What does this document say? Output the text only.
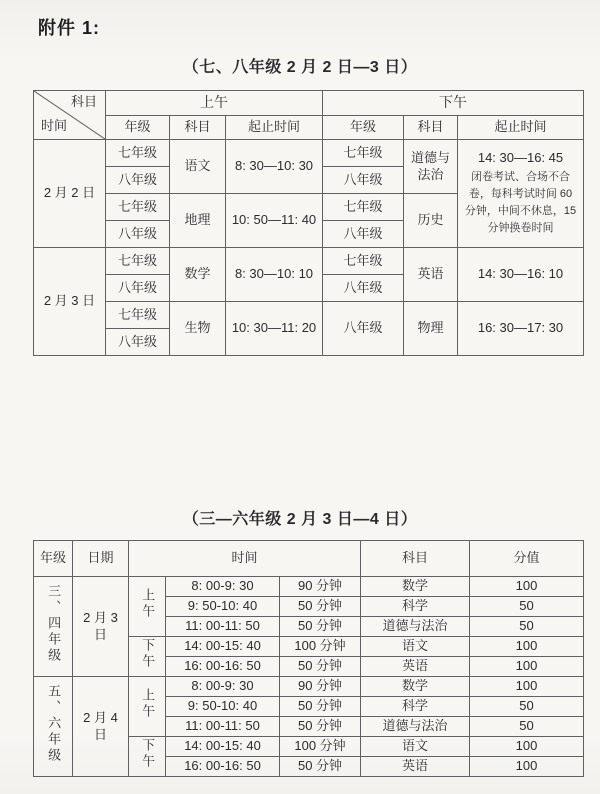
附件 1:
（七、八年级 2 月 2 日—3 日）
科目
时间	上午			下午		
	年级	科目	起止时间	年级	科目	起止时间
2 月 2 日	七年级	语文	8: 30—10: 30	七年级	道德与法治	14: 30—16: 45
闭卷考试、合场不合卷，每科考试时间 60 分钟，中间不休息，15 分钟换卷时间

	八年级			八年级		
	七年级	地理	10: 50—11: 40	七年级	历史	
	八年级			八年级		
2 月 3 日	七年级	数学	8: 30—10: 10	七年级	英语	14: 30—16: 10
	八年级			八年级		
	七年级	生物	10: 30—11: 20	八年级	物理	16: 30—17: 30
	八年级					
（三—六年级 2 月 3 日—4 日）
年级	日期	时间			科目	分值
三、四年级	2 月 3 日	上午	8: 00-9: 30	90 分钟	数学	100
			9: 50-10: 40	50 分钟	科学	50
			11: 00-11: 50	50 分钟	道德与法治	50
		下午	14: 00-15: 40	100 分钟	语文	100
			16: 00-16: 50	50 分钟	英语	100
五、六年级	2 月 4 日	上午	8: 00-9: 30	90 分钟	数学	100
			9: 50-10: 40	50 分钟	科学	50
			11: 00-11: 50	50 分钟	道德与法治	50
		下午	14: 00-15: 40	100 分钟	语文	100
			16: 00-16: 50	50 分钟	英语	100
